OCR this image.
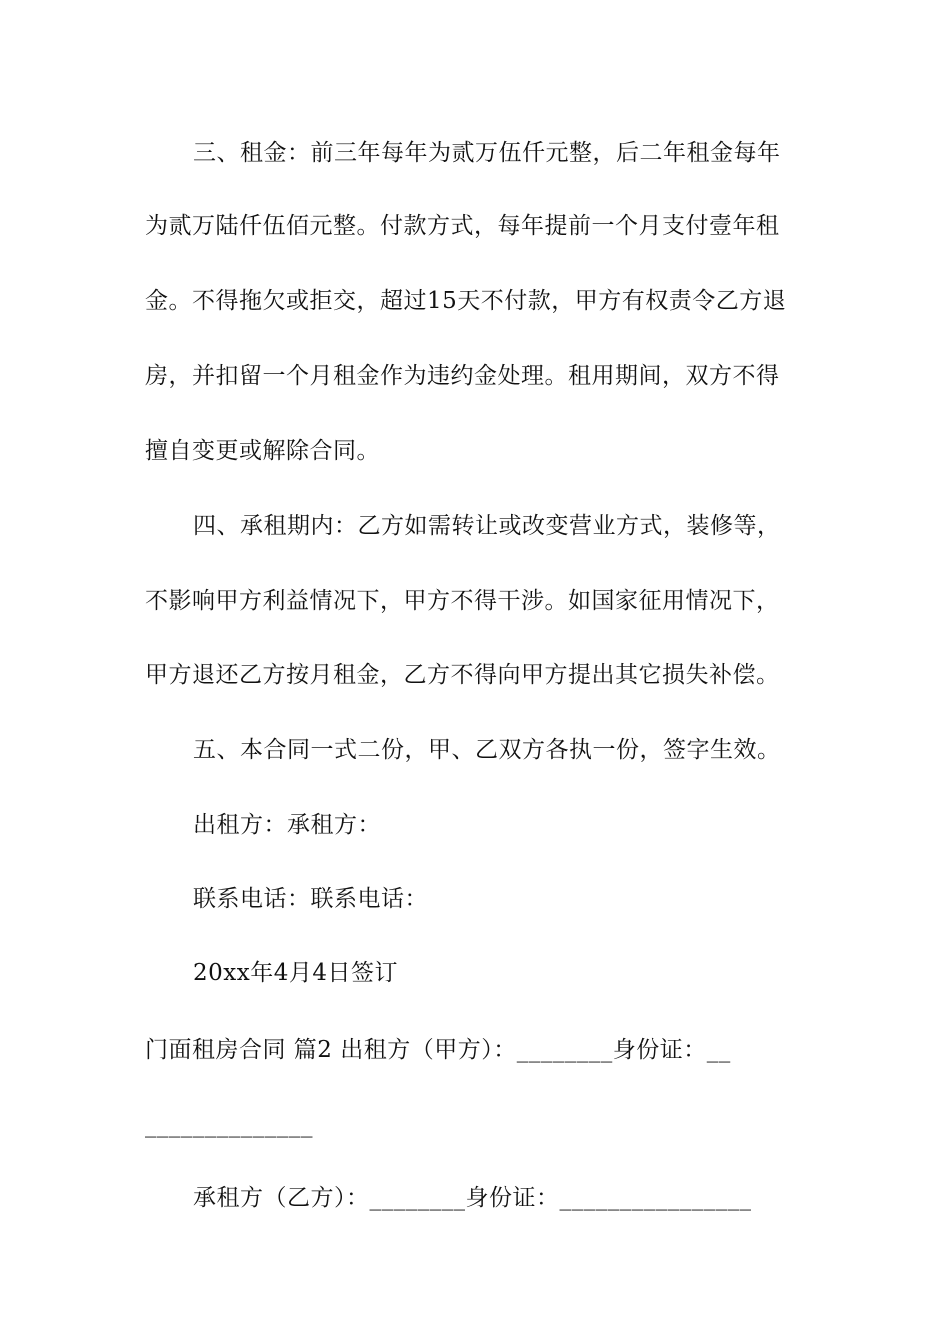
三、租金：前三年每年为贰万伍仟元整，后二年租金每年
为贰万陆仟伍佰元整。付款方式，每年提前一个月支付壹年租
金。不得拖欠或拒交，超过15天不付款，甲方有权责令乙方退
房，并扣留一个月租金作为违约金处理。租用期间，双方不得
擅自变更或解除合同。
四、承租期内：乙方如需转让或改变营业方式，装修等，
不影响甲方利益情况下，甲方不得干涉。如国家征用情况下，
甲方退还乙方按月租金，乙方不得向甲方提出其它损失补偿。
五、本合同一式二份，甲、乙双方各执一份，签字生效。
出租方：承租方：
联系电话：联系电话：
20xx年4月4日签订
门面租房合同 篇2 出租方（甲方）：________身份证：__
______________
承租方（乙方）：________身份证：________________
